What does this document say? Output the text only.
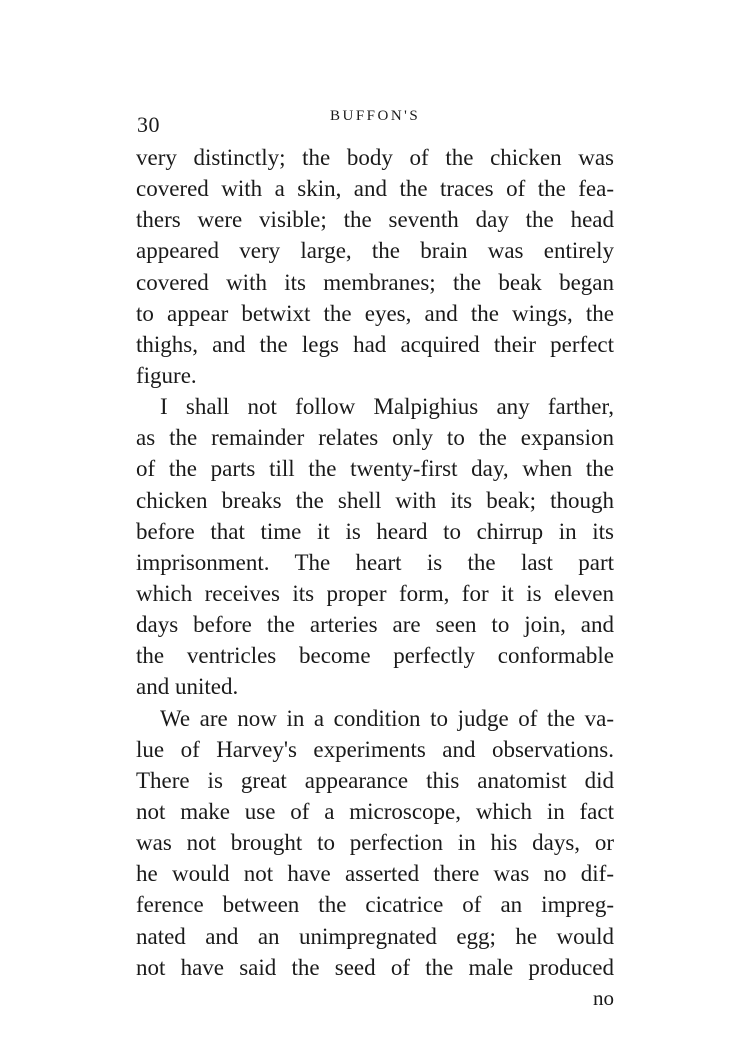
30	BUFFON'S
very distinctly; the body of the chicken was
covered with a skin, and the traces of the fea-
thers were visible; the seventh day the head
appeared very large, the brain was entirely
covered with its membranes; the beak began
to appear betwixt the eyes, and the wings, the
thighs, and the legs had acquired their perfect
figure.
I shall not follow Malpighius any farther,
as the remainder relates only to the expansion
of the parts till the twenty-first day, when the
chicken breaks the shell with its beak; though
before that time it is heard to chirrup in its
imprisonment. The heart is the last part
which receives its proper form, for it is eleven
days before the arteries are seen to join, and
the ventricles become perfectly conformable
and united.
We are now in a condition to judge of the va-
lue of Harvey's experiments and observations.
There is great appearance this anatomist did
not make use of a microscope, which in fact
was not brought to perfection in his days, or
he would not have asserted there was no dif-
ference between the cicatrice of an impreg-
nated and an unimpregnated egg; he would
not have said the seed of the male produced
no
